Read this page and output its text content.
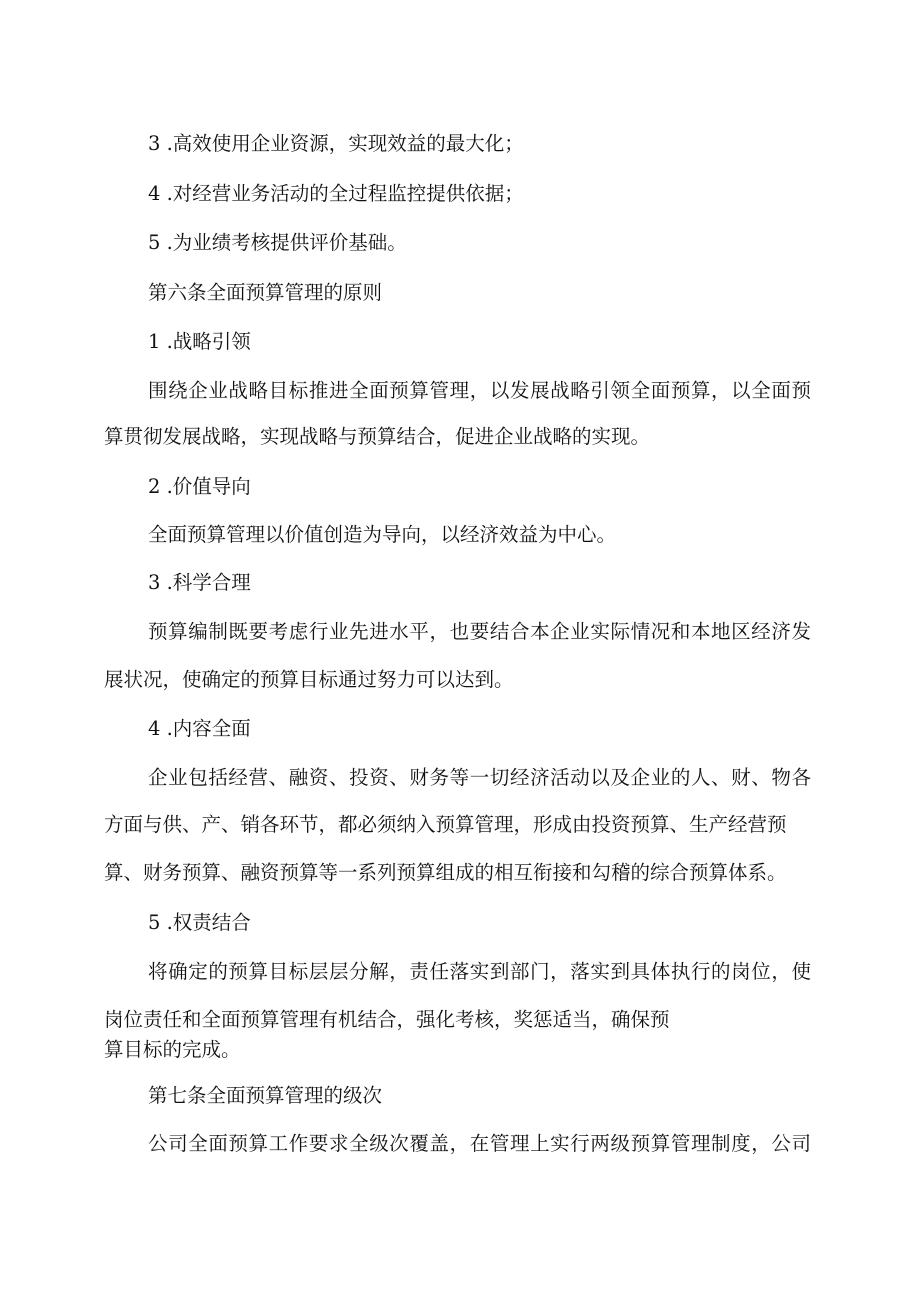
3 .高效使用企业资源，实现效益的最大化；
4 .对经营业务活动的全过程监控提供依据；
5 .为业绩考核提供评价基础。
第六条全面预算管理的原则
1 .战略引领
围绕企业战略目标推进全面预算管理，以发展战略引领全面预算，以全面预
算贯彻发展战略，实现战略与预算结合，促进企业战略的实现。
2 .价值导向
全面预算管理以价值创造为导向，以经济效益为中心。
3 .科学合理
预算编制既要考虑行业先进水平，也要结合本企业实际情况和本地区经济发
展状况，使确定的预算目标通过努力可以达到。
4 .内容全面
企业包括经营、融资、投资、财务等一切经济活动以及企业的人、财、物各
方面与供、产、销各环节，都必须纳入预算管理，形成由投资预算、生产经营预
算、财务预算、融资预算等一系列预算组成的相互衔接和勾稽的综合预算体系。
5 .权责结合
将确定的预算目标层层分解，责任落实到部门，落实到具体执行的岗位，使
岗位责任和全面预算管理有机结合，强化考核，奖惩适当，确保预
算目标的完成。
第七条全面预算管理的级次
公司全面预算工作要求全级次覆盖，在管理上实行两级预算管理制度，公司
